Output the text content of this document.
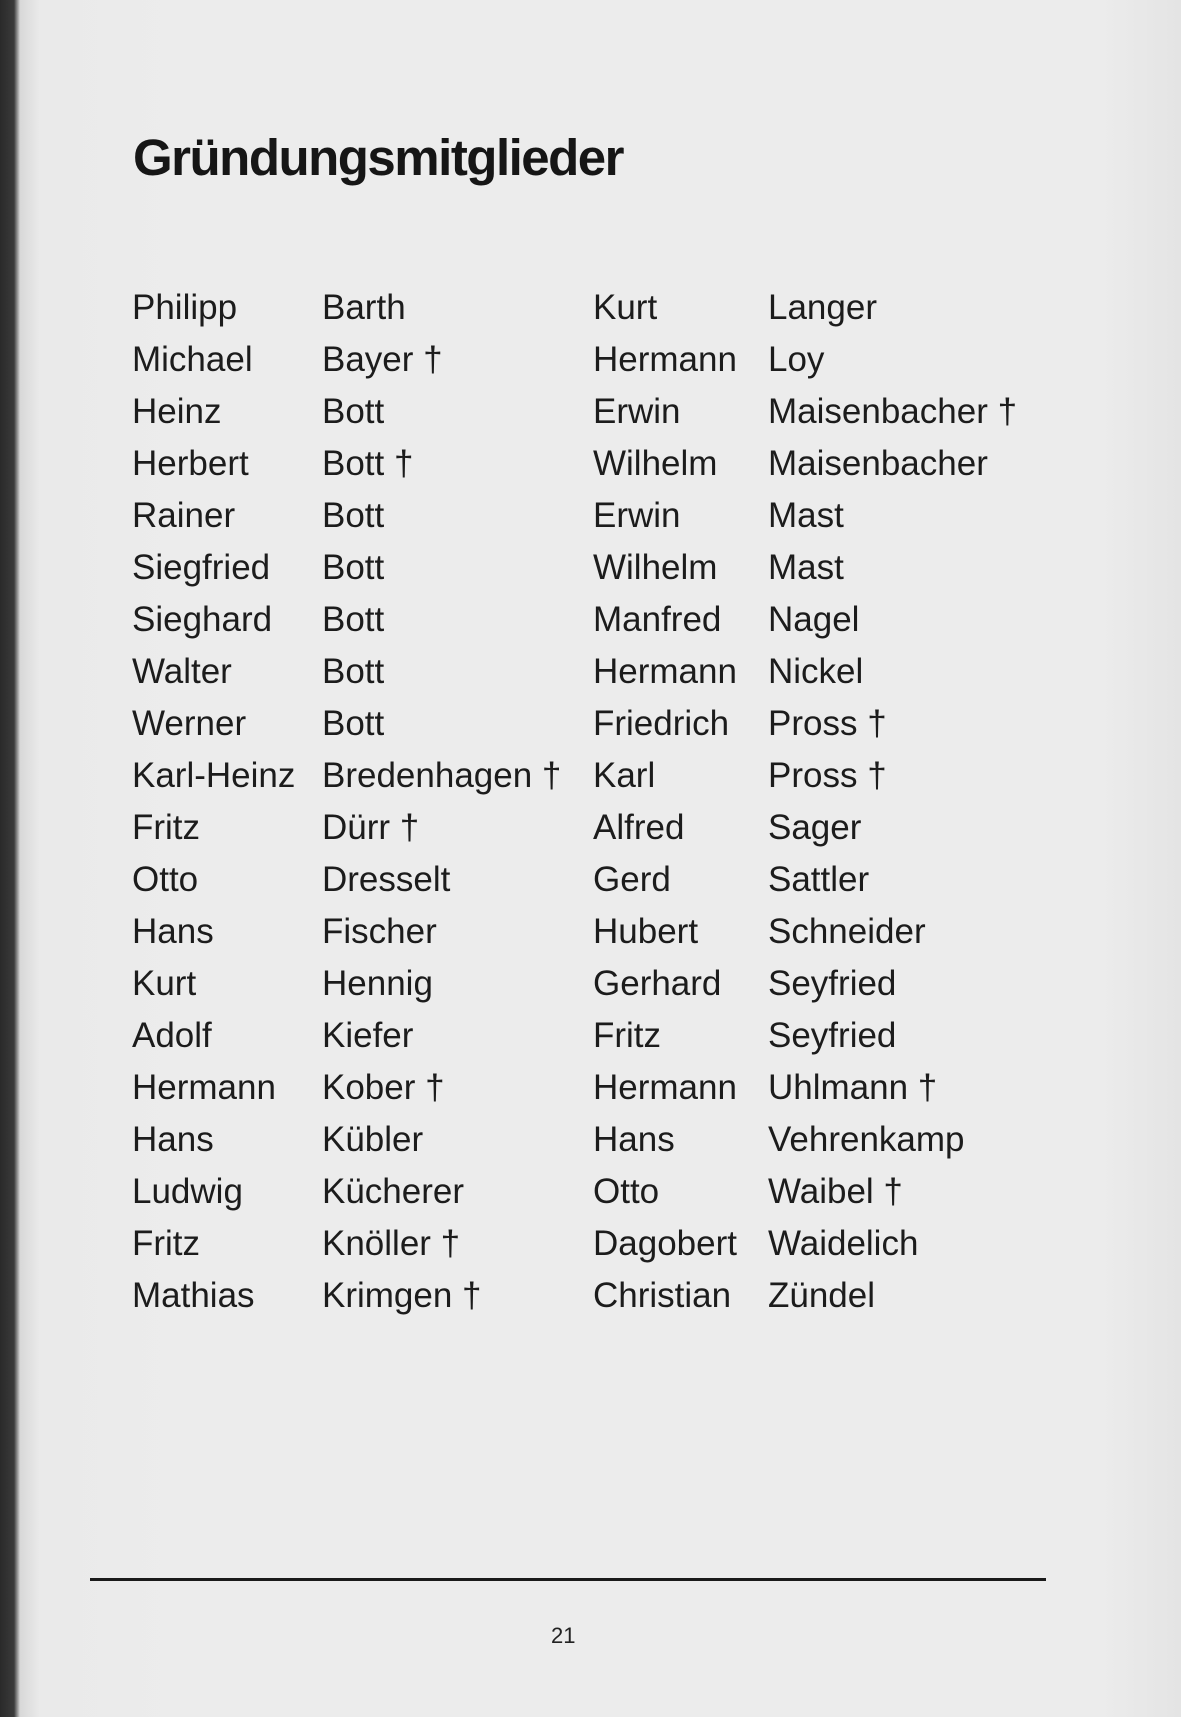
Gründungsmitglieder
Philipp
Michael
Heinz
Herbert
Rainer
Siegfried
Sieghard
Walter
Werner
Karl-Heinz
Fritz
Otto
Hans
Kurt
Adolf
Hermann
Hans
Ludwig
Fritz
Mathias
Barth
Bayer †
Bott
Bott †
Bott
Bott
Bott
Bott
Bott
Bredenhagen †
Dürr †
Dresselt
Fischer
Hennig
Kiefer
Kober †
Kübler
Kücherer
Knöller †
Krimgen †
Kurt
Hermann
Erwin
Wilhelm
Erwin
Wilhelm
Manfred
Hermann
Friedrich
Karl
Alfred
Gerd
Hubert
Gerhard
Fritz
Hermann
Hans
Otto
Dagobert
Christian
Langer
Loy
Maisenbacher †
Maisenbacher
Mast
Mast
Nagel
Nickel
Pross †
Pross †
Sager
Sattler
Schneider
Seyfried
Seyfried
Uhlmann †
Vehrenkamp
Waibel †
Waidelich
Zündel
21
